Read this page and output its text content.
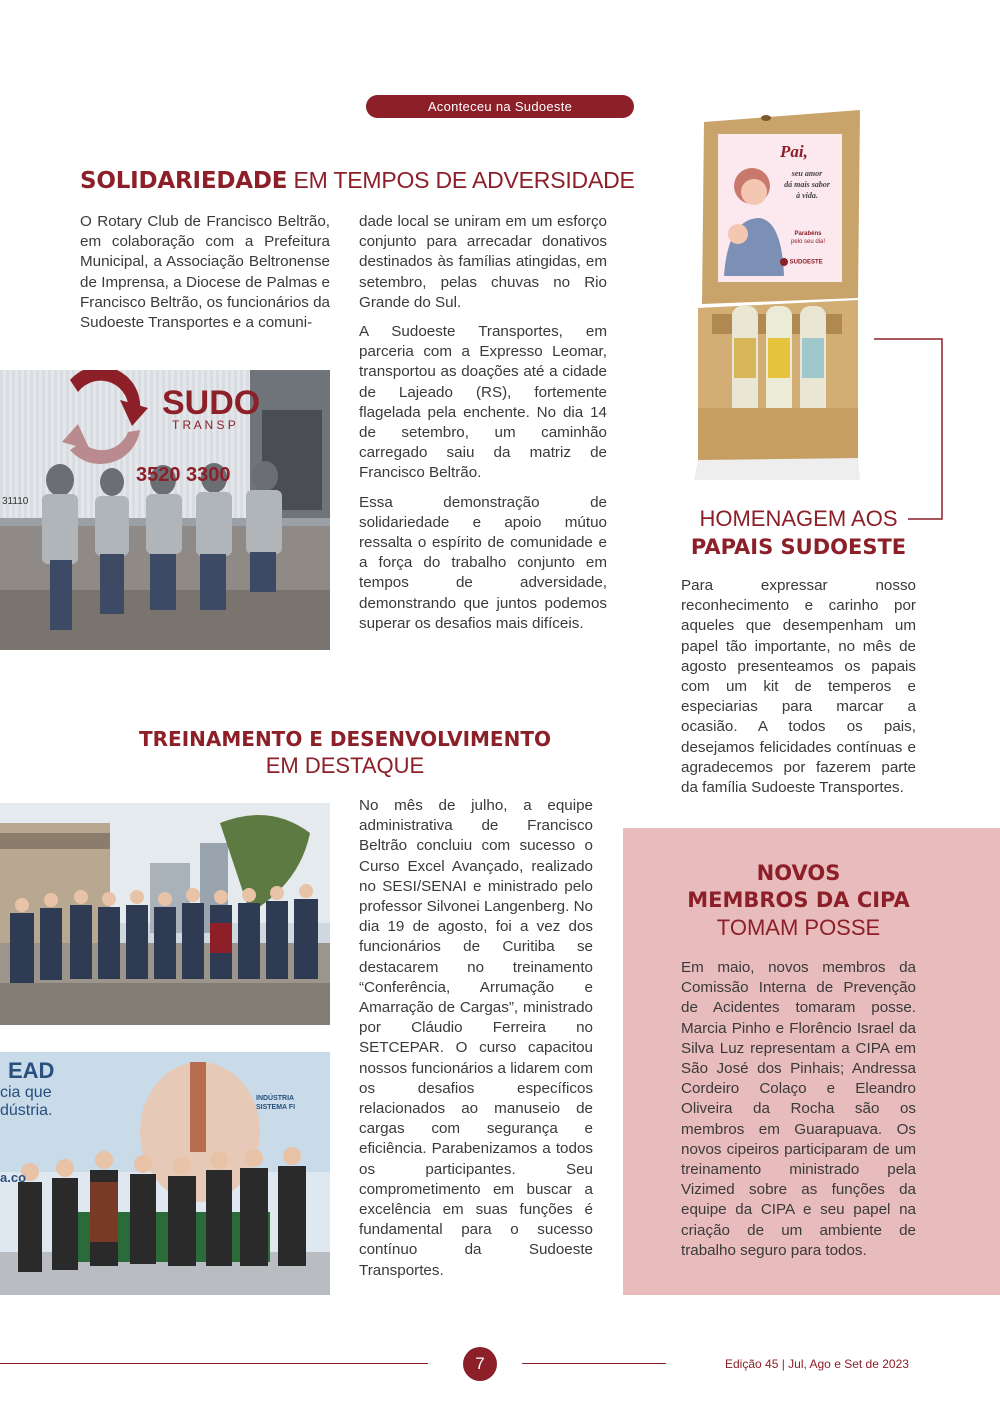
Aconteceu na Sudoeste
SOLIDARIEDADE EM TEMPOS DE ADVERSIDADE

O Rotary Club de Francisco Beltrão, em colaboração com a Prefeitura Municipal, a Associação Beltronense de Imprensa, a Diocese de Palmas e Francisco Beltrão, os funcionários da Sudoeste Transportes e a comuni-

dade local se uniram em um esforço conjunto para arrecadar donativos destinados às famílias atingidas, em setembro, pelas chuvas no Rio Grande do Sul.

A Sudoeste Transportes, em parceria com a Expresso Leomar, transportou as doações até a cidade de Lajeado (RS), fortemente flagelada pela enchente. No dia 14 de setembro, um caminhão carregado saiu da matriz de Francisco Beltrão.

Essa demonstração de solidariedade e apoio mútuo ressalta o espírito de comunidade e a força do trabalho conjunto em tempos de adversidade, demonstrando que juntos podemos superar os desafios mais difíceis.

SUDO
T R A N S P
3520 3300
31110
Pai,
seu amor
dá mais sabor
à vida.
Parabéns
pelo seu dia!
SUDOESTE
HOMENAGEM AOS
PAPAIS SUDOESTE

Para expressar nosso reconhecimento e carinho por aqueles que desempenham um papel tão importante, no mês de agosto presenteamos os papais com um kit de temperos e especiarias para marcar a ocasião. A todos os pais, desejamos felicidades contínuas e agradecemos por fazerem parte da família Sudoeste Transportes.

TREINAMENTO E DESENVOLVIMENTO
EM DESTAQUE
EAD
cia que
dústria.
a.co
INDÚSTRIA
SISTEMA FI

No mês de julho, a equipe administrativa de Francisco Beltrão concluiu com sucesso o Curso Excel Avançado, realizado no SESI/SENAI e ministrado pelo professor Silvonei Langenberg. No dia 19 de agosto, foi a vez dos funcionários de Curitiba se destacarem no treinamento “Conferência, Arrumação e Amarração de Cargas”, ministrado por Cláudio Ferreira no SETCEPAR. O curso capacitou nossos funcionários a lidarem com os desafios específicos relacionados ao manuseio de cargas com segurança e eficiência. Parabenizamos a todos os participantes. Seu comprometimento em buscar a excelência em suas funções é fundamental para o sucesso contínuo da Sudoeste Transportes.

NOVOS
MEMBROS DA CIPA
TOMAM POSSE

Em maio, novos membros da Comissão Interna de Prevenção de Acidentes tomaram posse. Marcia Pinho e Florêncio Israel da Silva Luz representam a CIPA em São José dos Pinhais; Andressa Cordeiro Colaço e Eleandro Oliveira da Rocha são os membros em Guarapuava. Os novos cipeiros participaram de um treinamento ministrado pela Vizimed sobre as funções da equipe da CIPA e seu papel na criação de um ambiente de trabalho seguro para todos.

7	Edição 45 | Jul, Ago e Set de 2023
